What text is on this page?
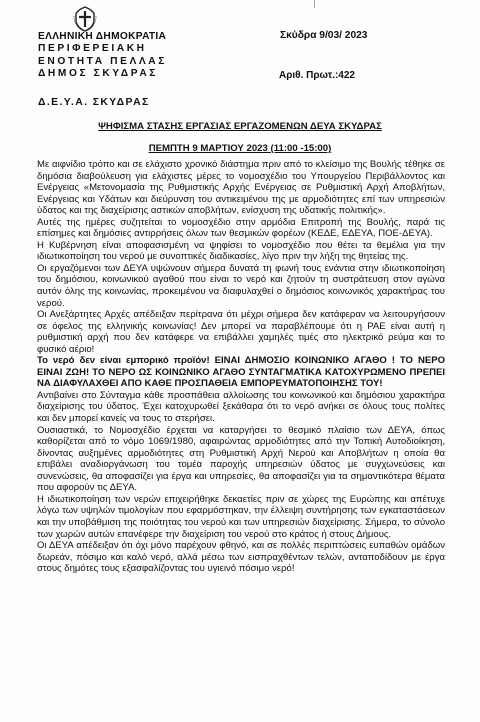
ΕΛΛΗΝΙΚΗ ΔΗΜΟΚΡΑΤΙΑ
ΠΕΡΙΦΕΡΕΙΑΚΗ
ΕΝΟΤΗΤΑ ΠΕΛΛΑΣ
ΔΗΜΟΣ ΣΚΥΔΡΑΣ
Σκύδρα 9/03/ 2023
Αριθ. Πρωτ.:422
Δ.Ε.Υ.Α. ΣΚΥΔΡΑΣ
ΨΗΦΙΣΜΑ ΣΤΑΣΗΣ ΕΡΓΑΣΙΑΣ ΕΡΓΑΖΟΜΕΝΩΝ ΔΕΥΑ ΣΚΥΔΡΑΣ
ΠΕΜΠΤΗ 9 ΜΑΡΤΙΟΥ 2023 (11:00 -15:00)

Με αιφνίδιο τρόπο και σε ελάχιστο χρονικό διάστημα πριν από το κλείσιμο της Βουλής τέθηκε σε δημόσια διαβούλευση για ελάχιστες μέρες το νομοσχέδιο του Υπουργείου Περιβάλλοντος και Ενέργειας «Μετονομασία της Ρυθμιστικής Αρχής Ενέργειας σε Ρυθμιστική Αρχή Αποβλήτων, Ενέργειας και Υδάτων και διεύρυνση του αντικειμένου της με αρμοδιότητες επί των υπηρεσιών ύδατος και της διαχείρισης αστικών αποβλήτων, ενίσχυση της υδατικής πολιτικής».

Αυτές της ημέρες συζητείται το νομοσχέδιο στην αρμόδια Επιτροπή της Βουλής, παρά τις επίσημες και δημόσιες αντιρρήσεις όλων των θεσμικών φορέων (ΚΕΔΕ, ΕΔΕΥΑ, ΠΟΕ-ΔΕΥΑ).

Η Κυβέρνηση είναι αποφασισμένη να ψηφίσει το νομοσχέδιο που θέτει τα θεμέλια για την ιδιωτικοποίηση του νερού με συνοπτικές διαδικασίες, λίγο πριν την λήξη της θητείας της.

Οι εργαζόμενοι των ΔΕΥΑ υψώνουν σήμερα δυνατά τη φωνή τους ενάντια στην ιδιωτικοποίηση του δημόσιου, κοινωνικού αγαθού που είναι το νερό και ζητούν τη συστράτευση στον αγώνα αυτόν όλης της κοινωνίας, προκειμένου να διαφυλαχθεί ο δημόσιος κοινωνικός χαρακτήρας του νερού.

Οι Ανεξάρτητες Αρχές απέδειξαν περίτρανα ότι μέχρι σήμερα δεν κατάφεραν να λειτουργήσουν σε όφελος της ελληνικής κοινωνίας! Δεν μπορεί να παραβλέπουμε ότι η ΡΑΕ είναι αυτή η ρυθμιστική αρχή που δεν κατάφερε να επιβάλλει χαμηλές τιμές στο ηλεκτρικό ρεύμα και το φυσικό αέριο!

Το νερό δεν είναι εμπορικό προϊόν! ΕΙΝΑΙ ΔΗΜΟΣΙΟ ΚΟΙΝΩΝΙΚΟ ΑΓΑΘΟ ! ΤΟ ΝΕΡΟ ΕΙΝΑΙ ΖΩΗ! ΤΟ ΝΕΡΟ ΩΣ ΚΟΙΝΩΝΙΚΟ ΑΓΑΘΟ ΣΥΝΤΑΓΜΑΤΙΚΑ ΚΑΤΟΧΥΡΩΜΕΝΟ ΠΡΕΠΕΙ ΝΑ ΔΙΑΦΥΛΑΧΘΕΙ ΑΠΟ ΚΑΘΕ ΠΡΟΣΠΑΘΕΙΑ ΕΜΠΟΡΕΥΜΑΤΟΠΟΙΗΣΗΣ ΤΟΥ!

Αντιβαίνει στο Σύνταγμα κάθε προσπάθεια αλλοίωσης του κοινωνικού και δημόσιου χαρακτήρα διαχείρισης του ύδατος. Έχει κατοχυρωθεί ξεκάθαρα ότι το νερό ανήκει σε όλους τους πολίτες και δεν μπορεί κανείς να τους το στερήσει.

Ουσιαστικά, το Νομοσχέδιο έρχεται να καταργήσει το θεσμικό πλαίσιο των ΔΕΥΑ, όπως καθορίζεται από το νόμο 1069/1980, αφαιρώντας αρμοδιότητες από την Τοπική Αυτοδιοίκηση, δίνοντας αυξημένες αρμοδιότητες στη Ρυθμιστική Αρχή Νερού και Αποβλήτων η οποία θα επιβάλει αναδιοργάνωση του τομέα παροχής υπηρεσιών ύδατος με συγχωνεύσεις και συνενώσεις, θα αποφασίζει για έργα και υπηρεσίες, θα αποφασίζει για τα σημαντικότερα θέματα που αφορούν τις ΔΕΥΑ.

Η ιδιωτικοποίηση των νερών επιχειρήθηκε δεκαετίες πριν σε χώρες της Ευρώπης και απέτυχε λόγω των υψηλών τιμολογίων που εφαρμόστηκαν, την έλλειψη συντήρησης των εγκαταστάσεων και την υποβάθμιση της ποιότητας του νερού και των υπηρεσιών διαχείρισης. Σήμερα, το σύνολο των χωρών αυτών επανέφερε την διαχείριση του νερού στο κράτος ή στους Δήμους.

Οι ΔΕΥΑ απέδειξαν ότι όχι μόνο παρέχουν φθηνό, και σε πολλές περιπτώσεις ευπαθών ομάδων δωρεάν, πόσιμο και καλό νερό, αλλά μέσω των εισπραχθέντων τελών, ανταποδίδουν με έργα στους δημότες τους εξασφαλίζοντας του υγιεινό πόσιμο νερό!
